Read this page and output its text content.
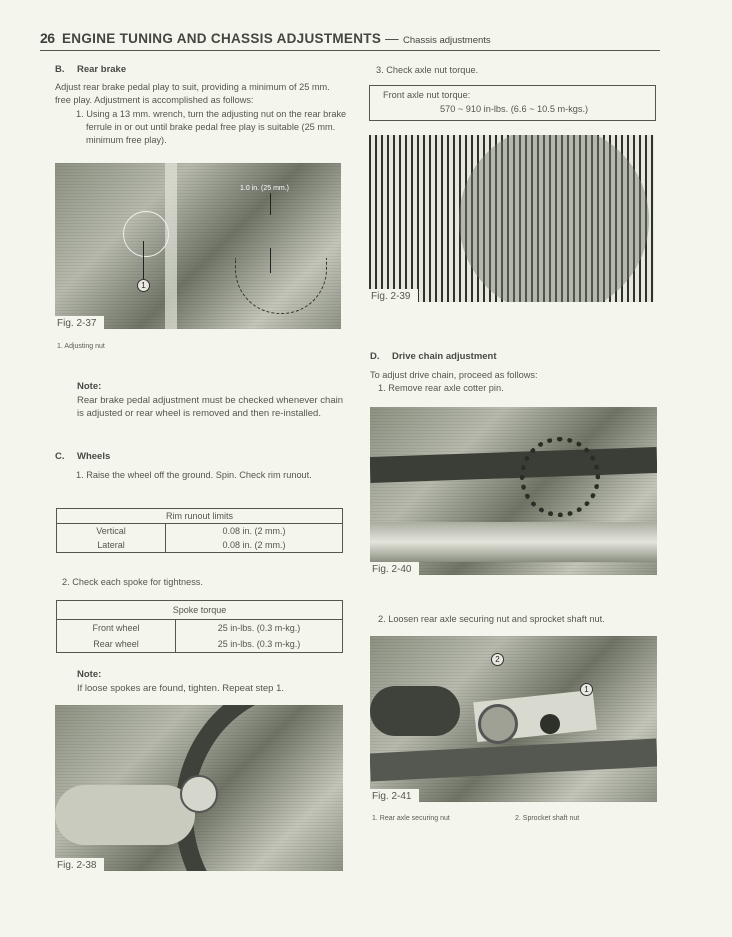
26 ENGINE TUNING AND CHASSIS ADJUSTMENTS — Chassis adjustments
B. Rear brake
Adjust rear brake pedal play to suit, providing a minimum of 25 mm. free play. Adjustment is accomplished as follows:
1. Using a 13 mm. wrench, turn the adjusting nut on the rear brake ferrule in or out until brake pedal free play is suitable (25 mm. minimum free play).
1
1.0 in. (25 mm.)
Fig. 2-37
1. Adjusting nut
Note:
Rear brake pedal adjustment must be checked whenever chain is adjusted or rear wheel is removed and then re-installed.
C. Wheels
1. Raise the wheel off the ground. Spin. Check rim runout.
Rim runout limits	
Vertical	0.08 in. (2 mm.)
Lateral	0.08 in. (2 mm.)
2. Check each spoke for tightness.
Spoke torque	
Front wheel	25 in-lbs. (0.3 m-kg.)
Rear wheel	25 in-lbs. (0.3 m-kg.)
Note:
If loose spokes are found, tighten. Repeat step 1.
Fig. 2-38
3. Check axle nut torque.
Front axle nut torque:
570 ~ 910 in-lbs. (6.6 ~ 10.5 m-kgs.)
Fig. 2-39
D. Drive chain adjustment
To adjust drive chain, proceed as follows:
1. Remove rear axle cotter pin.
Fig. 2-40
2. Loosen rear axle securing nut and sprocket shaft nut.
2
1
Fig. 2-41
1. Rear axle securing nut	2. Sprocket shaft nut
